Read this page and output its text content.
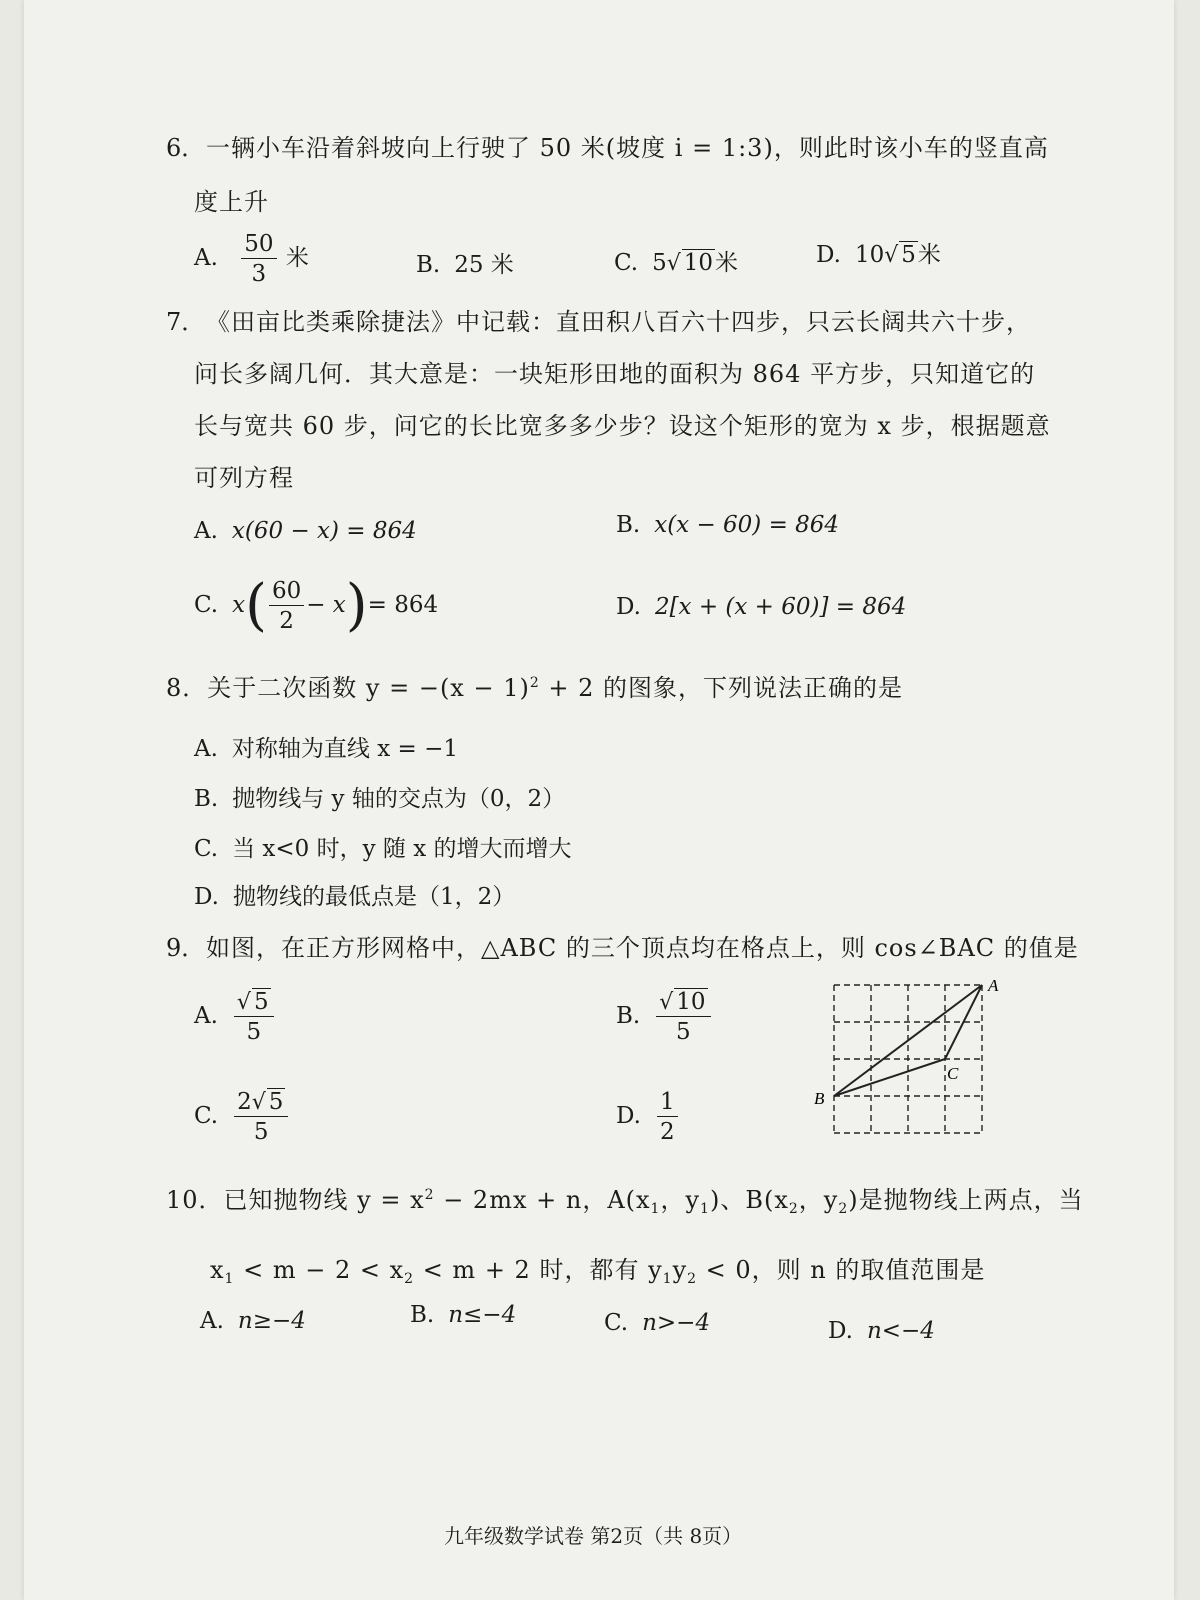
6． 一辆小车沿着斜坡向上行驶了 50 米(坡度 i = 1:3)，则此时该小车的竖直高
度上升
A. $\frac{50}{3}$ 米	B. 25 米	C. 5√ 10米	D. 10√ 5米
7． 《田亩比类乘除捷法》中记载：直田积八百六十四步，只云长阔共六十步，
问长多阔几何．其大意是：一块矩形田地的面积为 864 平方步，只知道它的
长与宽共 60 步，问它的长比宽多多少步？设这个矩形的宽为 x 步，根据题意
可列方程
A. x(60 − x) = 864	B. x(x − 60) = 864
C. $x( \frac{60}{2} - x)= 864$	D. 2[x + (x + 60)] = 864
8．关于二次函数 $y = -(x - 1)^2 + 2$ 的图象，下列说法正确的是
A. 对称轴为直线 x = −1
B. 抛物线与 y 轴的交点为（0，2）
C. 当 x<0 时，y 随 x 的增大而增大
D. 抛物线的最低点是（1，2）
9． 如图，在正方形网格中，△ABC 的三个顶点均在格点上，则 cos∠BAC 的值是
A. $\frac{√ 5}{5}$	B. $\frac{√ 10}{5}$
C. $\frac{2√ 5}{5}$	D. $\frac{1}{2}$
A
B
C
10．已知抛物线 $y = x^2 - 2mx + n$，$A(x_1$，$y_1$)、$B(x_2$，$y_2$)是抛物线上两点，当
$x_1 < m - 2 < x_2 < m + 2$ 时，都有 $y_1y_2 < 0$，则 n 的取值范围是
A. n≥−4	B. n≤−4	C. n>−4	D. n<−4
九年级数学试卷 第2页（共 8页）
